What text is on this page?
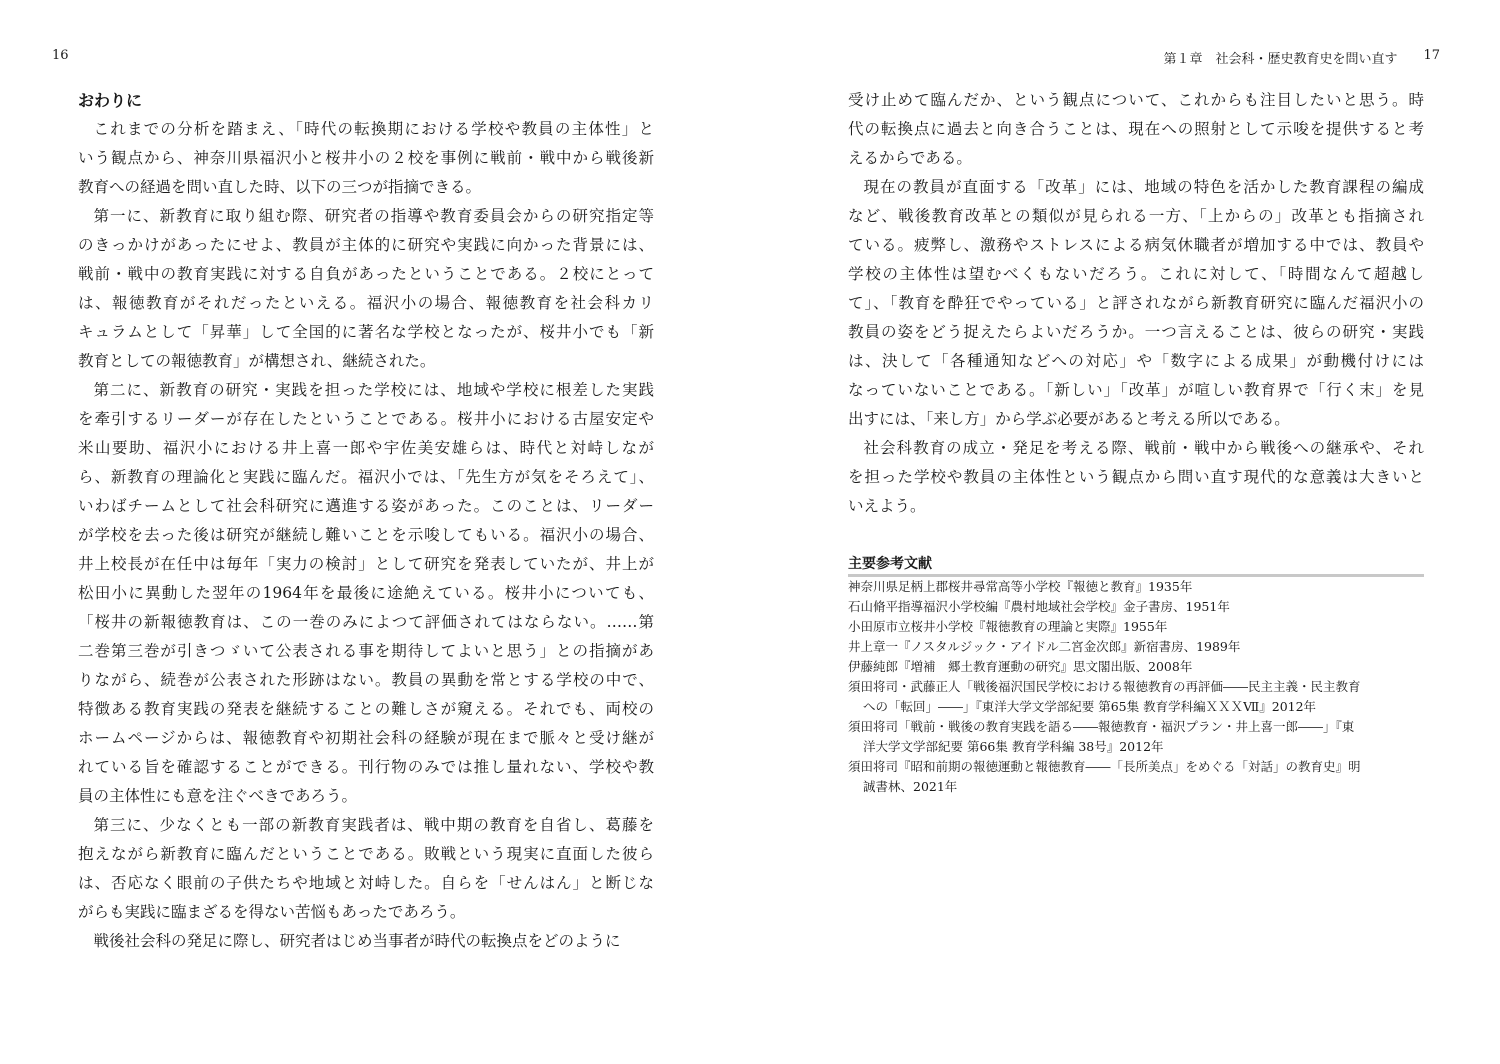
16	第１章　社会科・歴史教育史を問い直す 17
おわりに
これまでの分析を踏まえ、「時代の転換期における学校や教員の主体性」と
いう観点から、神奈川県福沢小と桜井小の２校を事例に戦前・戦中から戦後新
教育への経過を問い直した時、以下の三つが指摘できる。
第一に、新教育に取り組む際、研究者の指導や教育委員会からの研究指定等
のきっかけがあったにせよ、教員が主体的に研究や実践に向かった背景には、
戦前・戦中の教育実践に対する自負があったということである。２校にとって
は、報徳教育がそれだったといえる。福沢小の場合、報徳教育を社会科カリ
キュラムとして「昇華」して全国的に著名な学校となったが、桜井小でも「新
教育としての報徳教育」が構想され、継続された。
第二に、新教育の研究・実践を担った学校には、地域や学校に根差した実践
を牽引するリーダーが存在したということである。桜井小における古屋安定や
米山要助、福沢小における井上喜一郎や宇佐美安雄らは、時代と対峙しなが
ら、新教育の理論化と実践に臨んだ。福沢小では、「先生方が気をそろえて」、
いわばチームとして社会科研究に邁進する姿があった。このことは、リーダー
が学校を去った後は研究が継続し難いことを示唆してもいる。福沢小の場合、
井上校長が在任中は毎年「実力の検討」として研究を発表していたが、井上が
松田小に異動した翌年の1964年を最後に途絶えている。桜井小についても、
「桜井の新報徳教育は、この一巻のみによつて評価されてはならない。……第
二巻第三巻が引きつゞいて公表される事を期待してよいと思う」との指摘があ
りながら、続巻が公表された形跡はない。教員の異動を常とする学校の中で、
特徴ある教育実践の発表を継続することの難しさが窺える。それでも、両校の
ホームページからは、報徳教育や初期社会科の経験が現在まで脈々と受け継が
れている旨を確認することができる。刊行物のみでは推し量れない、学校や教
員の主体性にも意を注ぐべきであろう。
第三に、少なくとも一部の新教育実践者は、戦中期の教育を自省し、葛藤を
抱えながら新教育に臨んだということである。敗戦という現実に直面した彼ら
は、否応なく眼前の子供たちや地域と対峙した。自らを「せんはん」と断じな
がらも実践に臨まざるを得ない苦悩もあったであろう。
戦後社会科の発足に際し、研究者はじめ当事者が時代の転換点をどのように
受け止めて臨んだか、という観点について、これからも注目したいと思う。時
代の転換点に過去と向き合うことは、現在への照射として示唆を提供すると考
えるからである。
現在の教員が直面する「改革」には、地域の特色を活かした教育課程の編成
など、戦後教育改革との類似が見られる一方、「上からの」改革とも指摘され
ている。疲弊し、激務やストレスによる病気休職者が増加する中では、教員や
学校の主体性は望むべくもないだろう。これに対して、「時間なんて超越し
て」、「教育を酔狂でやっている」と評されながら新教育研究に臨んだ福沢小の
教員の姿をどう捉えたらよいだろうか。一つ言えることは、彼らの研究・実践
は、決して「各種通知などへの対応」や「数字による成果」が動機付けには
なっていないことである。「新しい」「改革」が喧しい教育界で「行く末」を見
出すには、「来し方」から学ぶ必要があると考える所以である。
社会科教育の成立・発足を考える際、戦前・戦中から戦後への継承や、それ
を担った学校や教員の主体性という観点から問い直す現代的な意義は大きいと
いえよう。
主要参考文献
神奈川県足柄上郡桜井尋常高等小学校『報徳と教育』1935年
石山脩平指導福沢小学校編『農村地域社会学校』金子書房、1951年
小田原市立桜井小学校『報徳教育の理論と実際』1955年
井上章一『ノスタルジック・アイドル二宮金次郎』新宿書房、1989年
伊藤純郎『増補　郷土教育運動の研究』思文閣出版、2008年
須田将司・武藤正人「戦後福沢国民学校における報徳教育の再評価――民主主義・民主教育
への「転回」――」『東洋大学文学部紀要 第65集 教育学科編ＸＸＸⅦ』2012年
須田将司「戦前・戦後の教育実践を語る――報徳教育・福沢プラン・井上喜一郎――」『東
洋大学文学部紀要 第66集 教育学科編 38号』2012年
須田将司『昭和前期の報徳運動と報徳教育――「長所美点」をめぐる「対話」の教育史』明
誠書林、2021年
